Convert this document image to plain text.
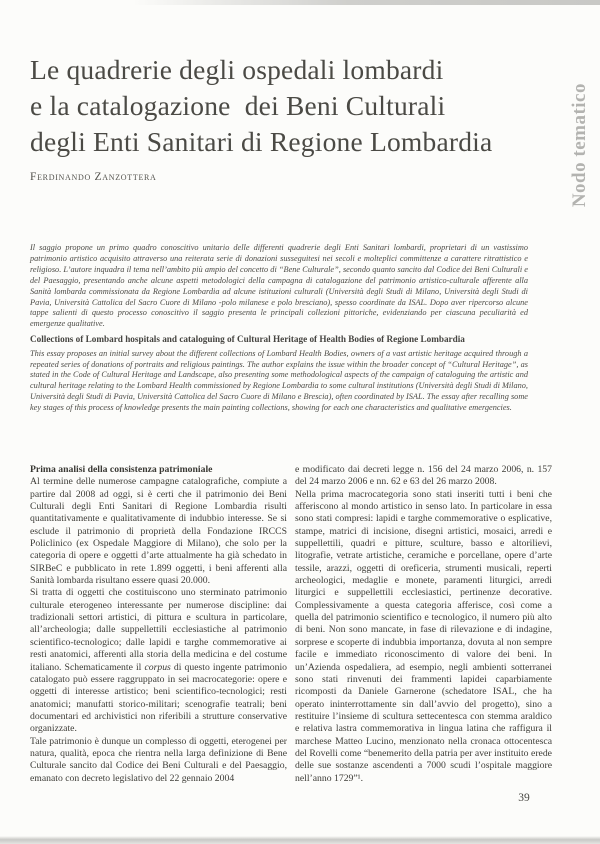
Le quadrerie degli ospedali lombardi
e la catalogazione  dei Beni Culturali
degli Enti Sanitari di Regione Lombardia
Ferdinando Zanzottera	Nodo tematico

Il saggio propone un primo quadro conoscitivo unitario delle differenti quadrerie degli Enti Sanitari lombardi, proprietari di un vastissimo patrimonio artistico acquisito attraverso una reiterata serie di donazioni susseguitesi nei secoli e molteplici committenze a carattere ritrattistico e religioso. L’autore inquadra il tema nell’ambito più ampio del concetto di “Bene Culturale”, secondo quanto sancito dal Codice dei Beni Culturali e del Paesaggio, presentando anche alcune aspetti metodologici della campagna di catalogazione del patrimonio artistico-culturale afferente alla Sanità lombarda commissionata da Regione Lombardia ad alcune istituzioni culturali (Università degli Studi di Milano, Università degli Studi di Pavia, Università Cattolica del Sacro Cuore di Milano -polo milanese e polo bresciano), spesso coordinate da ISAL. Dopo aver ripercorso alcune tappe salienti di questo processo conoscitivo il saggio presenta le principali collezioni pittoriche, evidenziando per ciascuna peculiarità ed emergenze qualitative.

Collections of Lombard hospitals and cataloguing of Cultural Heritage of Health Bodies of Regione Lombardia

This essay proposes an initial survey about the different collections of Lombard Health Bodies, owners of a vast artistic heritage acquired through a repeated series of donations of portraits and religious paintings. The author explains the issue within the broader concept of “Cultural Heritage”, as stated in the Code of Cultural Heritage and Landscape, also presenting some methodological aspects of the campaign of cataloguing the artistic and cultural heritage relating to the Lombard Health commissioned by Regione Lombardia to some cultural institutions (Università degli Studi di Milano, Università degli Studi di Pavia, Università Cattolica del Sacro Cuore di Milano e Brescia), often coordinated by ISAL. The essay after recalling some key stages of this process of knowledge presents the main painting collections, showing for each one characteristics and qualitative emergencies.

Prima analisi della consistenza patrimoniale

Al termine delle numerose campagne catalografiche, compiute a partire dal 2008 ad oggi, si è certi che il patrimonio dei Beni Culturali degli Enti Sanitari di Regione Lombardia risulti quantitativamente e qualitativamente di indubbio interesse. Se si esclude il patrimonio di proprietà della Fondazione IRCCS Policlinico (ex Ospedale Maggiore di Milano), che solo per la categoria di opere e oggetti d’arte attualmente ha già schedato in SIRBeC e pubblicato in rete 1.899 oggetti, i beni afferenti alla Sanità lombarda risultano essere quasi 20.000.

Si tratta di oggetti che costituiscono uno sterminato patrimonio culturale eterogeneo interessante per numerose discipline: dai tradizionali settori artistici, di pittura e scultura in particolare, all’archeologia; dalle suppellettili ecclesiastiche al patrimonio scientifico-tecnologico; dalle lapidi e targhe commemorative ai resti anatomici, afferenti alla storia della medicina e del costume italiano. Schematicamente il corpus di questo ingente patrimonio catalogato può essere raggruppato in sei macrocategorie: opere e oggetti di interesse artistico; beni scientifico-tecnologici; resti anatomici; manufatti storico-militari; scenografie teatrali; beni documentari ed archivistici non riferibili a strutture conservative organizzate.

Tale patrimonio è dunque un complesso di oggetti, eterogenei per natura, qualità, epoca che rientra nella larga definizione di Bene Culturale sancito dal Codice dei Beni Culturali e del Paesaggio, emanato con decreto legislativo del 22 gennaio 2004

e modificato dai decreti legge n. 156 del 24 marzo 2006, n. 157 del 24 marzo 2006 e nn. 62 e 63 del 26 marzo 2008.

Nella prima macrocategoria sono stati inseriti tutti i beni che afferiscono al mondo artistico in senso lato. In particolare in essa sono stati compresi: lapidi e targhe commemorative o esplicative, stampe, matrici di incisione, disegni artistici, mosaici, arredi e suppellettili, quadri e pitture, sculture, basso e altorilievi, litografie, vetrate artistiche, ceramiche e porcellane, opere d’arte tessile, arazzi, oggetti di oreficeria, strumenti musicali, reperti archeologici, medaglie e monete, paramenti liturgici, arredi liturgici e suppellettili ecclesiastici, pertinenze decorative. Complessivamente a questa categoria afferisce, così come a quella del patrimonio scientifico e tecnologico, il numero più alto di beni. Non sono mancate, in fase di rilevazione e di indagine, sorprese e scoperte di indubbia importanza, dovuta al non sempre facile e immediato riconoscimento di valore dei beni. In un’Azienda ospedaliera, ad esempio, negli ambienti sotterranei sono stati rinvenuti dei frammenti lapidei caparbiamente ricomposti da Daniele Garnerone (schedatore ISAL, che ha operato ininterrottamente sin dall’avvio del progetto), sino a restituire l’insieme di scultura settecentesca con stemma araldico e relativa lastra commemorativa in lingua latina che raffigura il marchese Matteo Lucino, menzionato nella cronaca ottocentesca del Rovelli come “benemerito della patria per aver instituito erede delle sue sostanze ascendenti a 7000 scudi l’ospitale maggiore nell’anno 1729”¹.

39
